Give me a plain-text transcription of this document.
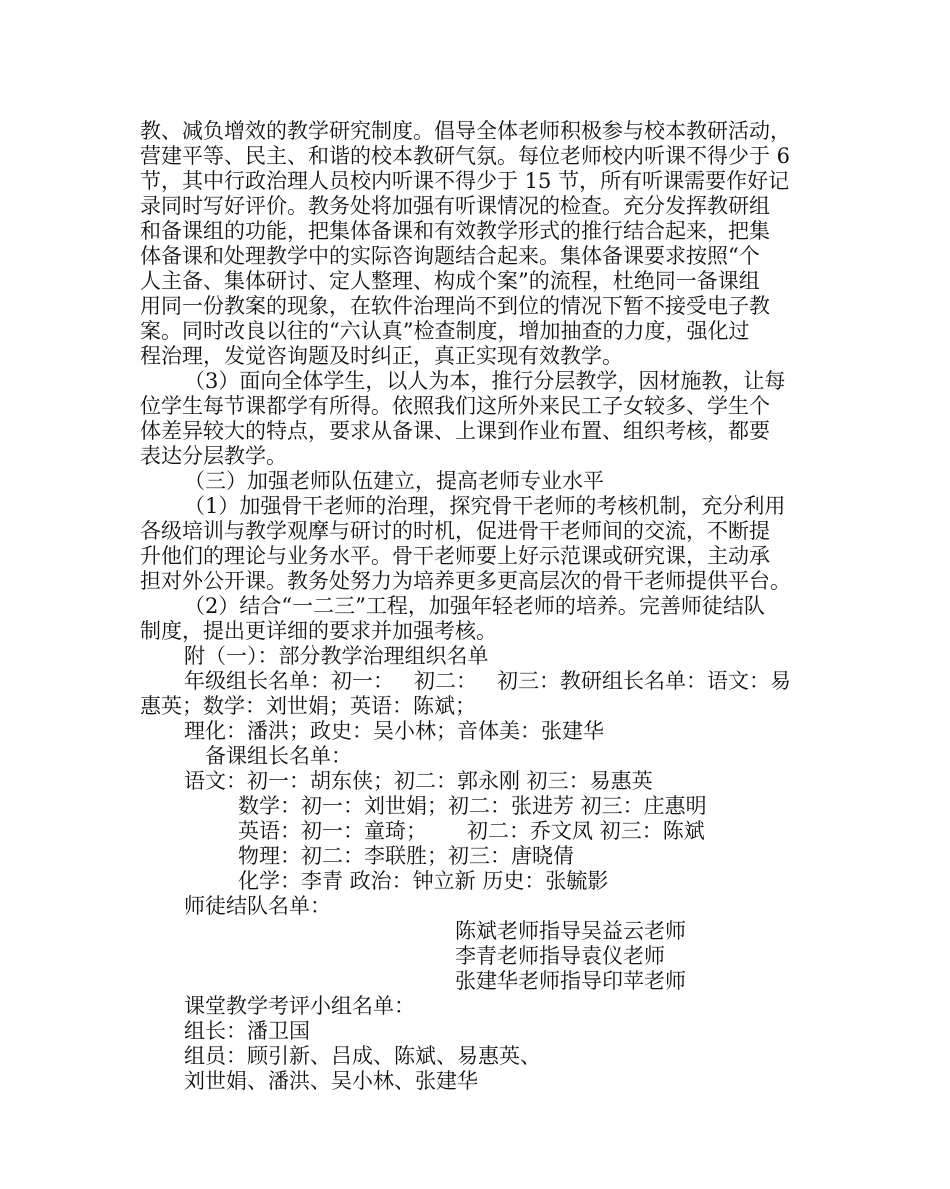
教、减负增效的教学研究制度。倡导全体老师积极参与校本教研活动，
营建平等、民主、和谐的校本教研气氛。每位老师校内听课不得少于 6
节，其中行政治理人员校内听课不得少于 15 节，所有听课需要作好记
录同时写好评价。教务处将加强有听课情况的检查。充分发挥教研组
和备课组的功能，把集体备课和有效教学形式的推行结合起来，把集
体备课和处理教学中的实际咨询题结合起来。集体备课要求按照“个
人主备、集体研讨、定人整理、构成个案”的流程，杜绝同一备课组
用同一份教案的现象，在软件治理尚不到位的情况下暂不接受电子教
案。同时改良以往的“六认真”检查制度，增加抽查的力度，强化过
程治理，发觉咨询题及时纠正，真正实现有效教学。
（3）面向全体学生，以人为本，推行分层教学，因材施教，让每
位学生每节课都学有所得。依照我们这所外来民工子女较多、学生个
体差异较大的特点，要求从备课、上课到作业布置、组织考核，都要
表达分层教学。
（三）加强老师队伍建立，提高老师专业水平
（1）加强骨干老师的治理，探究骨干老师的考核机制，充分利用
各级培训与教学观摩与研讨的时机，促进骨干老师间的交流，不断提
升他们的理论与业务水平。骨干老师要上好示范课或研究课，主动承
担对外公开课。教务处努力为培养更多更高层次的骨干老师提供平台。
（2）结合“一二三”工程，加强年轻老师的培养。完善师徒结队
制度，提出更详细的要求并加强考核。
附（一）：部分教学治理组织名单
年级组长名单：初一：   初二：   初三：教研组长名单：语文：易
惠英；数学：刘世娟；英语：陈斌；
理化：潘洪；政史：吴小林；音体美：张建华
备课组长名单：
语文：初一：胡东侠；初二：郭永刚 初三：易惠英
数学：初一：刘世娟；初二：张进芳 初三：庄惠明
英语：初一：童琦；      初二：乔文凤 初三：陈斌
物理：初二：李联胜；初三：唐晓倩
化学：李青 政治：钟立新 历史：张毓影
师徒结队名单：
陈斌老师指导吴益云老师
李青老师指导袁仪老师
张建华老师指导印苹老师
课堂教学考评小组名单：
组长：潘卫国
组员：顾引新、吕成、陈斌、易惠英、
刘世娟、潘洪、吴小林、张建华
